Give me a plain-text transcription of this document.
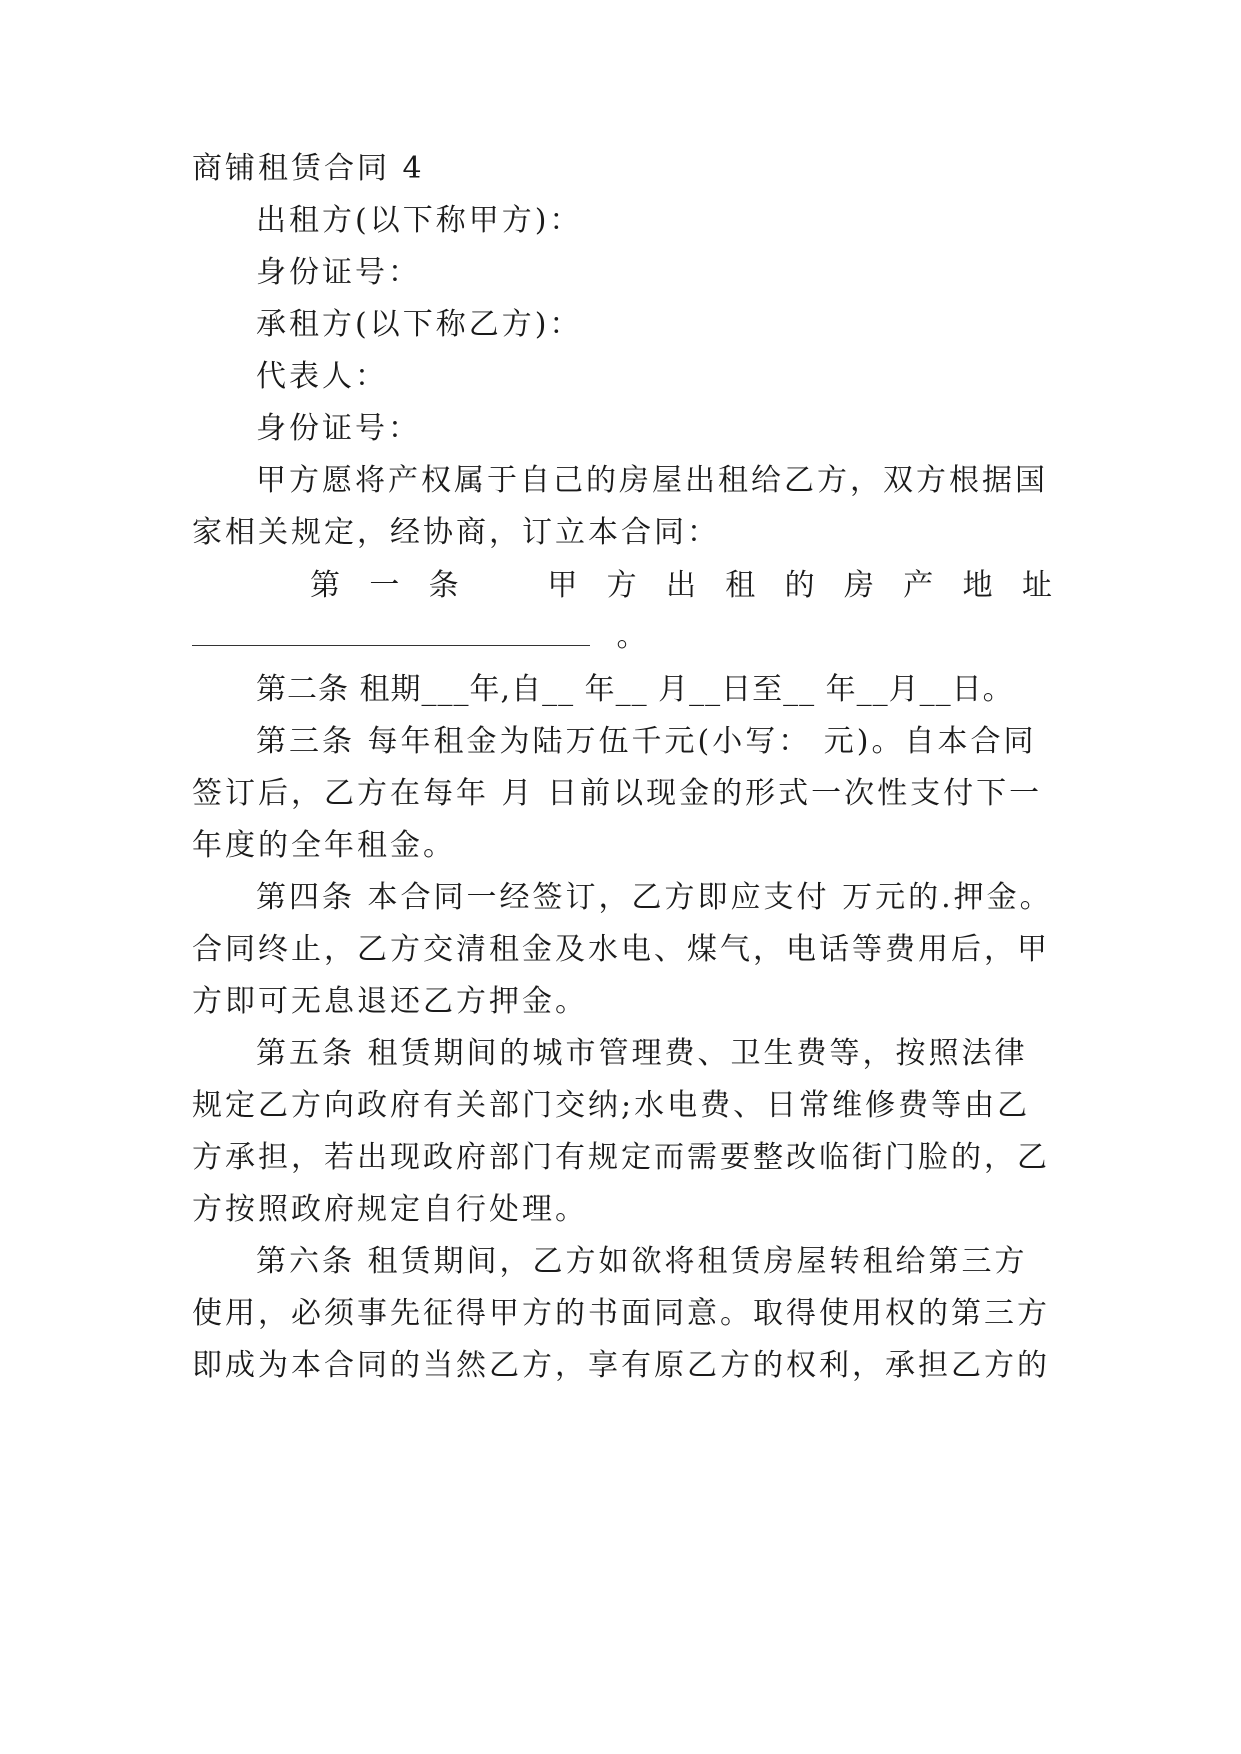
商铺租赁合同 4
出租方(以下称甲方)：
身份证号：
承租方(以下称乙方)：
代表人：
身份证号：
甲方愿将产权属于自己的房屋出租给乙方，双方根据国
家相关规定，经协商，订立本合同：
第 一 条	甲 方 出 租 的 房 产 地 址
。
第二条 租期___年,自__ 年__ 月__日至__ 年__月__日。
第三条 每年租金为陆万伍千元(小写： 元)。自本合同
签订后，乙方在每年 月 日前以现金的形式一次性支付下一
年度的全年租金。
第四条 本合同一经签订，乙方即应支付 万元的.押金。
合同终止，乙方交清租金及水电、煤气，电话等费用后，甲
方即可无息退还乙方押金。
第五条 租赁期间的城市管理费、卫生费等，按照法律
规定乙方向政府有关部门交纳;水电费、日常维修费等由乙
方承担，若出现政府部门有规定而需要整改临街门脸的，乙
方按照政府规定自行处理。
第六条 租赁期间，乙方如欲将租赁房屋转租给第三方
使用，必须事先征得甲方的书面同意。取得使用权的第三方
即成为本合同的当然乙方，享有原乙方的权利，承担乙方的
